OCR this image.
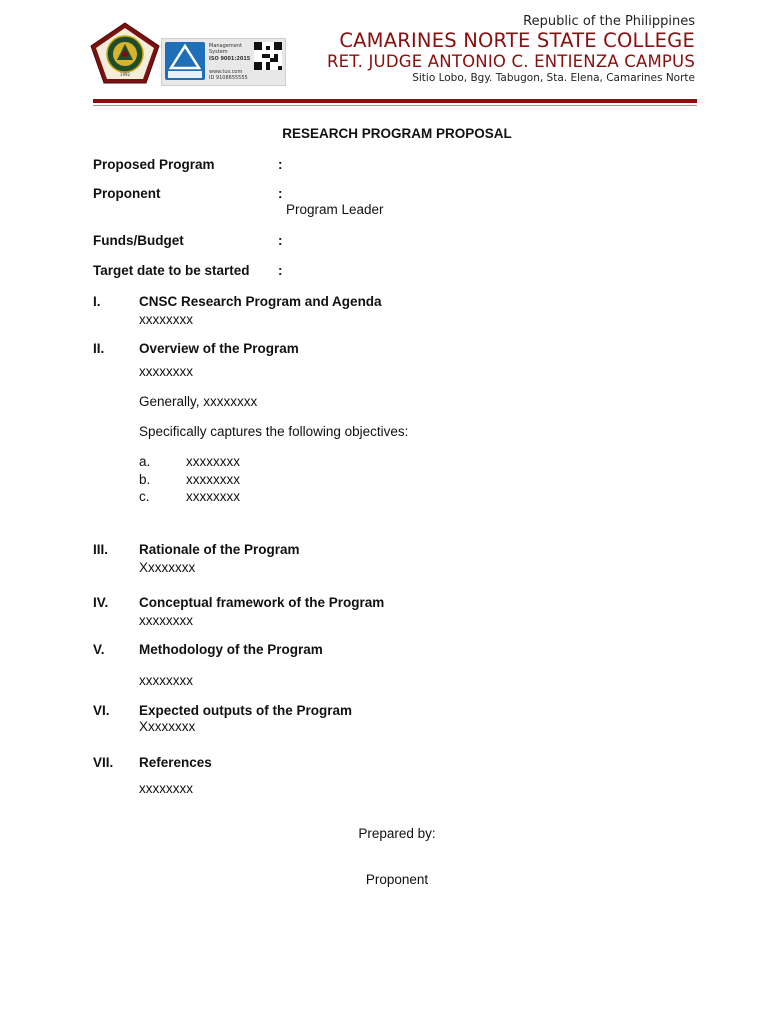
1992
Management
System
ISO 9001:2015
www.tuv.com
ID 9108655555
Republic of the Philippines
CAMARINES NORTE STATE COLLEGE
RET. JUDGE ANTONIO C. ENTIENZA CAMPUS
Sitio Lobo, Bgy. Tabugon, Sta. Elena, Camarines Norte
RESEARCH PROGRAM PROPOSAL
Proposed Program	:
Proponent	:
Program Leader
Funds/Budget	:
Target date to be started :
I.	CNSC Research Program and Agenda
xxxxxxxx
II.	Overview of the Program
xxxxxxxx
Generally, xxxxxxxx
Specifically captures the following objectives:
a.	xxxxxxxx
b.	xxxxxxxx
c.	xxxxxxxx
III. Rationale of the Program
Xxxxxxxx
IV. Conceptual framework of the Program
xxxxxxxx
V.	Methodology of the Program
xxxxxxxx
VI. Expected outputs of the Program
Xxxxxxxx
VII. References
xxxxxxxx
Prepared by:
Proponent
